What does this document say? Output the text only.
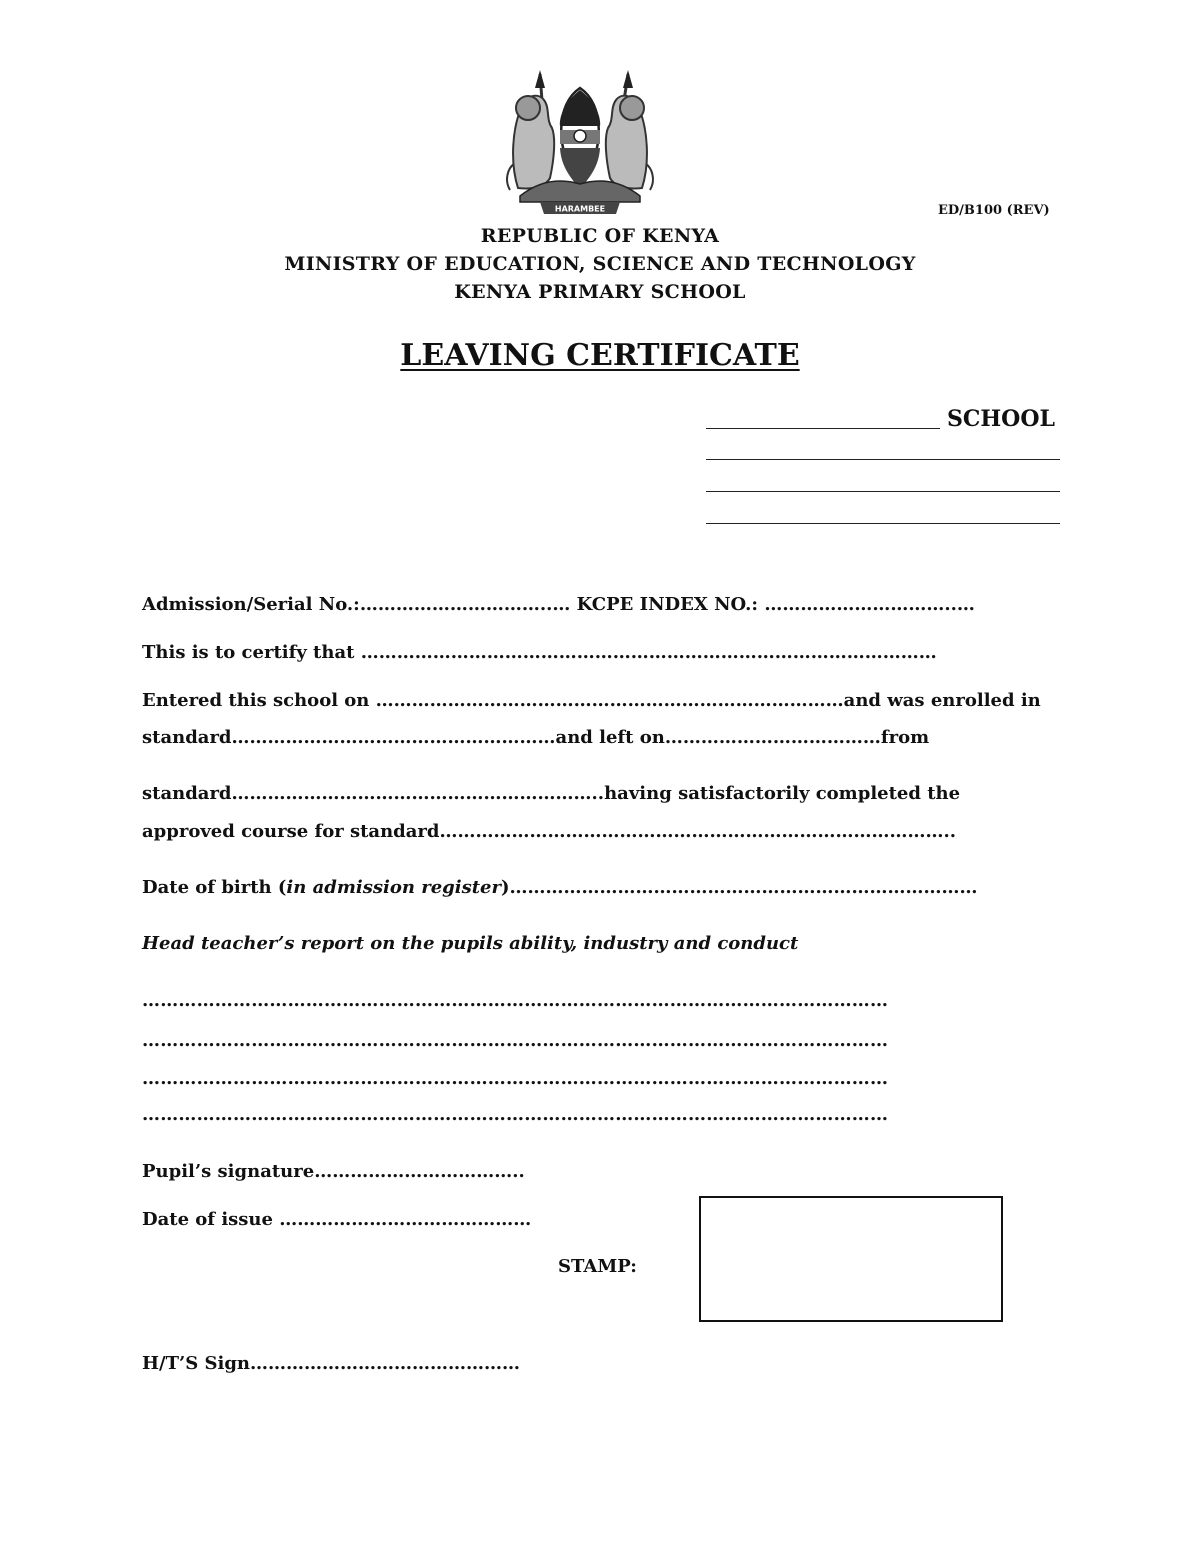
HARAMBEE	ED/B100 (REV)
REPUBLIC OF KENYA
MINISTRY OF EDUCATION, SCIENCE AND TECHNOLOGY
KENYA PRIMARY SCHOOL
LEAVING CERTIFICATE
SCHOOL
Admission/Serial No.:…………………………..… KCPE INDEX NO.: …………………………..…
This is to certify that ……………………………………………………………………………………
Entered this school on ……………………………………………………………………and was enrolled in
standard………………………………………………and left on………………………………from
standard……………………………………………………..having satisfactorily completed the
approved course for standard…………………………………………………………………………..
Date of birth (in admission register)……………………………………………………………………
Head teacher’s report on the pupils ability, industry and conduct
……………………………………………………………………………………………………………
……………………………………………………………………………………………………………
……………………………………………………………………………………………………………
……………………………………………………………………………………………………………
Pupil’s signature……………………………..
Date of issue ……………………………………
STAMP:
H/T’S Sign………………………………………
